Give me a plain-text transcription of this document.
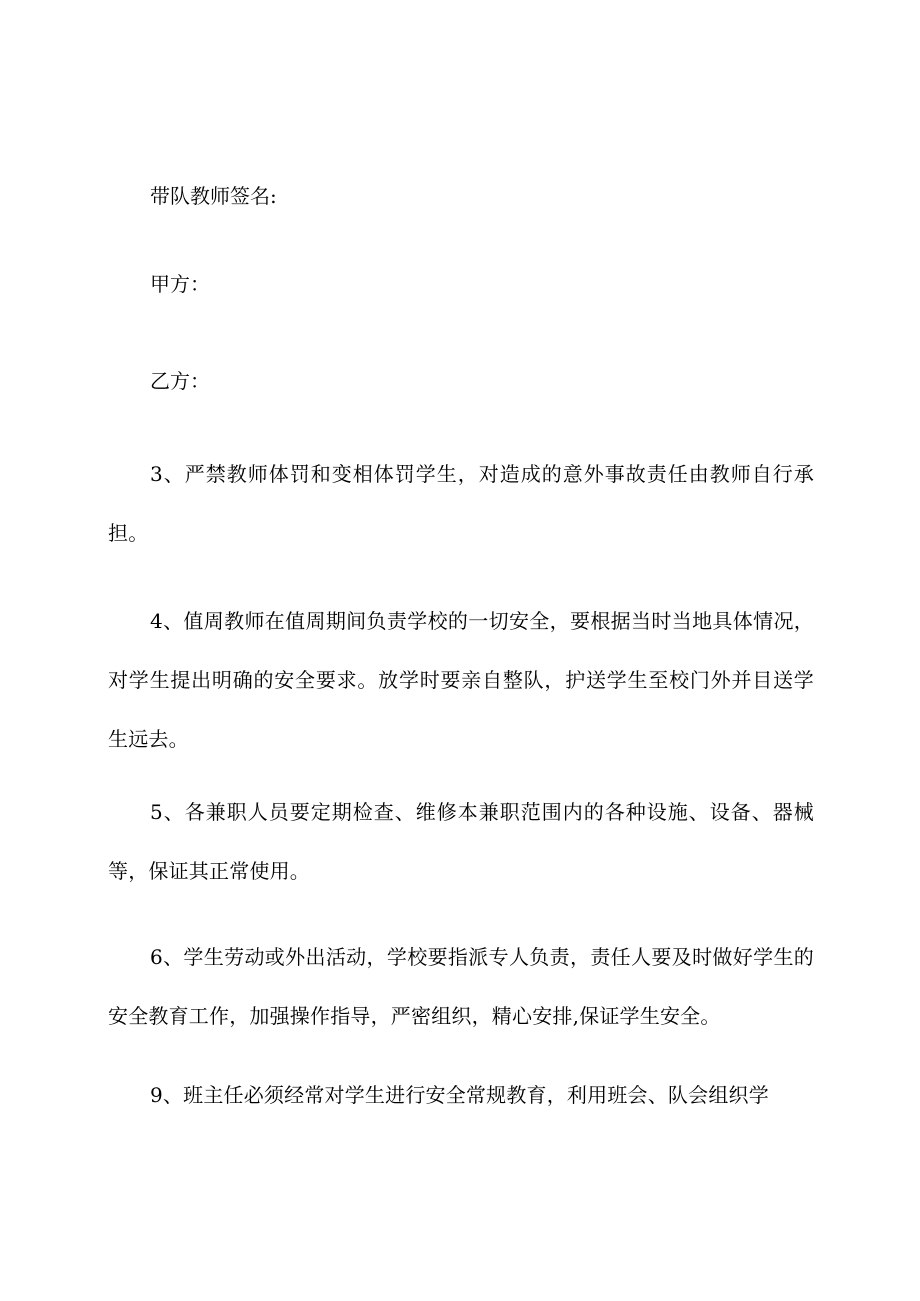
带队教师签名:

甲方：

乙方：

3、严禁教师体罚和变相体罚学生，对造成的意外事故责任由教师自行承担。

4、值周教师在值周期间负责学校的一切安全，要根据当时当地具体情况，对学生提出明确的安全要求。放学时要亲自整队，护送学生至校门外并目送学生远去。

5、各兼职人员要定期检查、维修本兼职范围内的各种设施、设备、器械等，保证其正常使用。

6、学生劳动或外出活动，学校要指派专人负责，责任人要及时做好学生的安全教育工作，加强操作指导，严密组织，精心安排,保证学生安全。

9、班主任必须经常对学生进行安全常规教育，利用班会、队会组织学
